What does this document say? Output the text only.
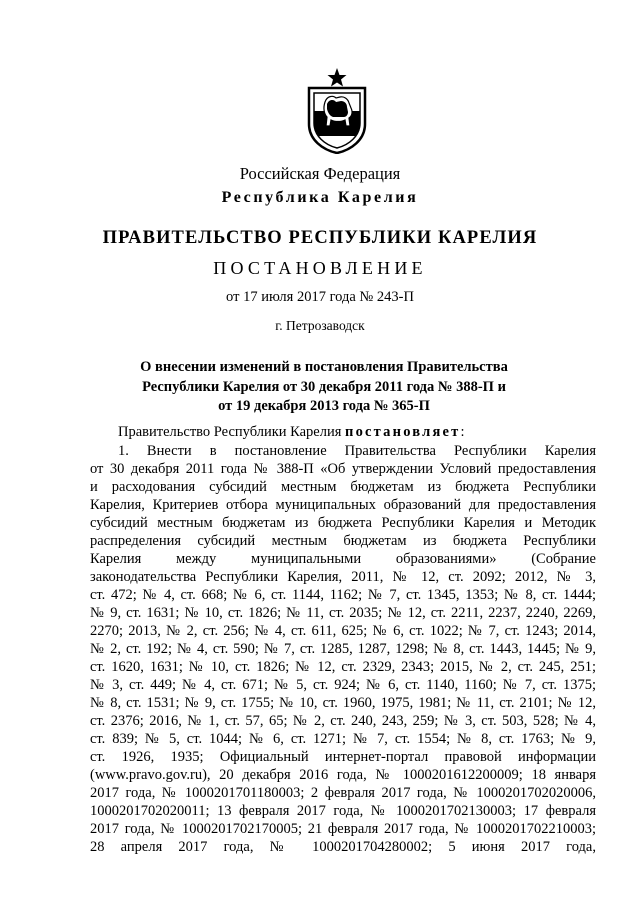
Российская Федерация
Республика Карелия
ПРАВИТЕЛЬСТВО РЕСПУБЛИКИ КАРЕЛИЯ
ПОСТАНОВЛЕНИЕ
от 17 июля 2017 года № 243-П
г. Петрозаводск
О внесении изменений в постановления Правительства
Республики Карелия от 30 декабря 2011 года № 388-П и
от 19 декабря 2013 года № 365-П
Правительство Республики Карелия постановляет:
1. Внести в постановление Правительства Республики Карелия
от 30 декабря 2011 года № 388-П «Об утверждении Условий предоставления
и расходования субсидий местным бюджетам из бюджета Республики
Карелия, Критериев отбора муниципальных образований для предоставления
субсидий местным бюджетам из бюджета Республики Карелия и Методик
распределения субсидий местным бюджетам из бюджета Республики
Карелия между муниципальными образованиями» (Собрание
законодательства Республики Карелия, 2011, № 12, ст. 2092; 2012, № 3,
ст. 472; № 4, ст. 668; № 6, ст. 1144, 1162; № 7, ст. 1345, 1353; № 8, ст. 1444;
№ 9, ст. 1631; № 10, ст. 1826; № 11, ст. 2035; № 12, ст. 2211, 2237, 2240, 2269,
2270; 2013, № 2, ст. 256; № 4, ст. 611, 625; № 6, ст. 1022; № 7, ст. 1243; 2014,
№ 2, ст. 192; № 4, ст. 590; № 7, ст. 1285, 1287, 1298; № 8, ст. 1443, 1445; № 9,
ст. 1620, 1631; № 10, ст. 1826; № 12, ст. 2329, 2343; 2015, № 2, ст. 245, 251;
№ 3, ст. 449; № 4, ст. 671; № 5, ст. 924; № 6, ст. 1140, 1160; № 7, ст. 1375;
№ 8, ст. 1531; № 9, ст. 1755; № 10, ст. 1960, 1975, 1981; № 11, ст. 2101; № 12,
ст. 2376; 2016, № 1, ст. 57, 65; № 2, ст. 240, 243, 259; № 3, ст. 503, 528; № 4,
ст. 839; № 5, ст. 1044; № 6, ст. 1271; № 7, ст. 1554; № 8, ст. 1763; № 9,
ст. 1926, 1935; Официальный интернет-портал правовой информации
(www.pravo.gov.ru), 20 декабря 2016 года, № 1000201612200009; 18 января
2017 года, № 1000201701180003; 2 февраля 2017 года, № 1000201702020006,
1000201702020011; 13 февраля 2017 года, № 1000201702130003; 17 февраля
2017 года, № 1000201702170005; 21 февраля 2017 года, № 1000201702210003;
28 апреля 2017 года, № 1000201704280002; 5 июня 2017 года,
